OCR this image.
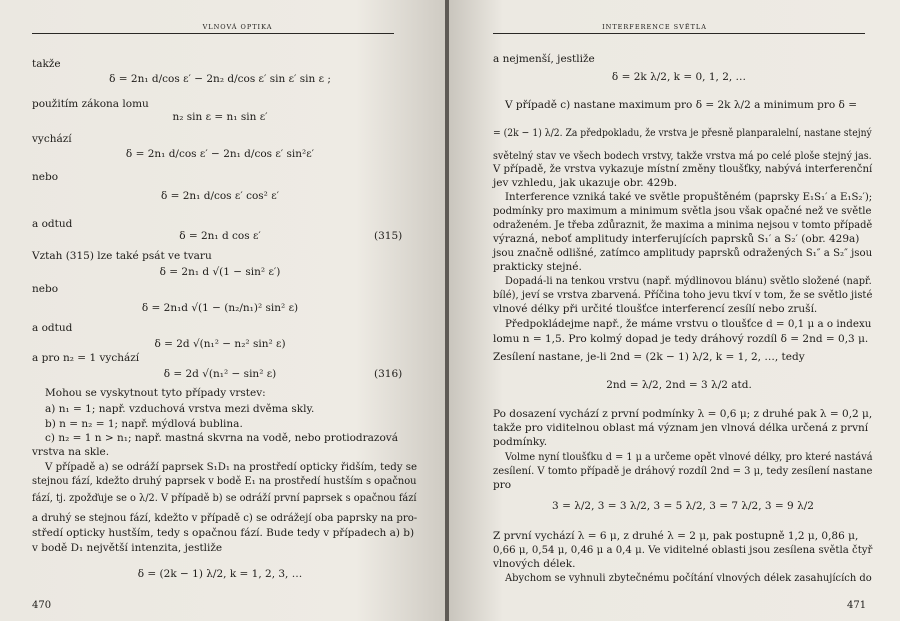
VLNOVÁ OPTIKA
takže
δ = 2n₁ d/cos ε′ − 2n₂ d/cos ε′ sin ε′ sin ε ;
použitím zákona lomu
n₂ sin ε = n₁ sin ε′
vychází
δ = 2n₁ d/cos ε′ − 2n₁ d/cos ε′ sin²ε′
nebo
δ = 2n₁ d/cos ε′ cos² ε′
a odtud
δ = 2n₁ d cos ε′	(315)
Vztah (315) lze také psát ve tvaru
δ = 2n₁ d √(1 − sin² ε′)
nebo
δ = 2n₁d √(1 − (n₂/n₁)² sin² ε)
a odtud
δ = 2d √(n₁² − n₂² sin² ε)
a pro n₂ = 1 vychází
δ = 2d √(n₁² − sin² ε)	(316)
Mohou se vyskytnout tyto případy vrstev:
a) n₁ = 1; např. vzduchová vrstva mezi dvěma skly.
b) n = n₂ = 1; např. mýdlová bublina.
c) n₂ = 1 n > n₁; např. mastná skvrna na vodě, nebo protiodrazová
vrstva na skle.
V případě a) se odráží paprsek S₁D₁ na prostředí opticky řidším, tedy se
stejnou fází, kdežto druhý paprsek v bodě E₁ na prostředí hustším s opačnou
fází, tj. zpožďuje se o λ/2. V případě b) se odráží první paprsek s opačnou fází
a druhý se stejnou fází, kdežto v případě c) se odrážejí oba paprsky na pro-
středí opticky hustším, tedy s opačnou fází. Bude tedy v případech a) b)
v bodě D₁ největší intenzita, jestliže
δ = (2k − 1) λ/2, k = 1, 2, 3, …
470
INTERFERENCE SVĚTLA
a nejmenší, jestliže
δ = 2k λ/2, k = 0, 1, 2, …
V případě c) nastane maximum pro δ = 2k λ/2 a minimum pro δ =
= (2k − 1) λ/2. Za předpokladu, že vrstva je přesně planparalelní, nastane stejný
světelný stav ve všech bodech vrstvy, takže vrstva má po celé ploše stejný jas.
V případě, že vrstva vykazuje místní změny tloušťky, nabývá interferenční
jev vzhledu, jak ukazuje obr. 429b.
Interference vzniká také ve světle propuštěném (paprsky E₁S₁′ a E₁S₂′);
podmínky pro maximum a minimum světla jsou však opačné než ve světle
odraženém. Je třeba zdůraznit, že maxima a minima nejsou v tomto případě
výrazná, neboť amplitudy interferujících paprsků S₁′ a S₂′ (obr. 429a)
jsou značně odlišné, zatímco amplitudy paprsků odražených S₁″ a S₂″ jsou
prakticky stejné.
Dopadá-li na tenkou vrstvu (např. mýdlinovou blánu) světlo složené (např.
bílé), jeví se vrstva zbarvená. Příčina toho jevu tkví v tom, že se světlo jisté
vlnové délky při určité tloušťce interferencí zesílí nebo zruší.
Předpokládejme např., že máme vrstvu o tloušťce d = 0,1 μ a o indexu
lomu n = 1,5. Pro kolmý dopad je tedy dráhový rozdíl δ = 2nd = 0,3 μ.
Zesílení nastane, je-li 2nd = (2k − 1) λ/2, k = 1, 2, …, tedy
2nd = λ/2, 2nd = 3 λ/2 atd.
Po dosazení vychází z první podmínky λ = 0,6 μ; z druhé pak λ = 0,2 μ,
takže pro viditelnou oblast má význam jen vlnová délka určená z první
podmínky.
Volme nyní tloušťku d = 1 μ a určeme opět vlnové délky, pro které nastává
zesílení. V tomto případě je dráhový rozdíl 2nd = 3 μ, tedy zesílení nastane
pro
3 = λ/2, 3 = 3 λ/2, 3 = 5 λ/2, 3 = 7 λ/2, 3 = 9 λ/2
Z první vychází λ = 6 μ, z druhé λ = 2 μ, pak postupně 1,2 μ, 0,86 μ,
0,66 μ, 0,54 μ, 0,46 μ a 0,4 μ. Ve viditelné oblasti jsou zesílena světla čtyř
vlnových délek.
Abychom se vyhnuli zbytečnému počítání vlnových délek zasahujících do
471
